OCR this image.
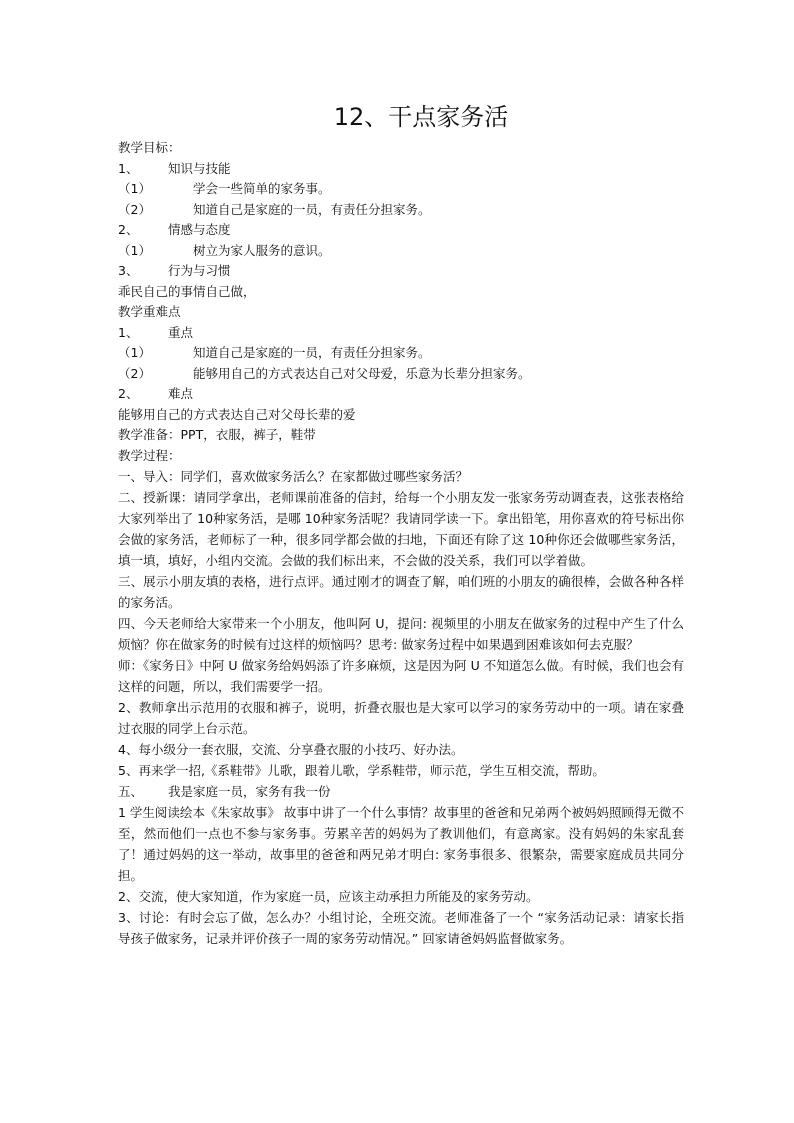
12、干点家务活
教学目标：
1、 知识与技能
（1）	学会一些简单的家务事。
（2）	知道自己是家庭的一员，有责任分担家务。
2、 情感与态度
（1）	树立为家人服务的意识。
3、 行为与习惯
乖民自己的事情自己做，
教学重难点
1、 重点
（1）	知道自己是家庭的一员，有责任分担家务。
（2）	能够用自己的方式表达自己对父母爱，乐意为长辈分担家务。
2、 难点
能够用自己的方式表达自己对父母长辈的爱
教学准备：PPT，衣服，裤子，鞋带
教学过程：
一、导入：同学们，喜欢做家务活么？在家都做过哪些家务活？
二、授新课：请同学拿出，老师课前准备的信封，给每一个小朋友发一张家务劳动调查表，这张表格给大家列举出了 10种家务活，是哪 10种家务活呢？我请同学读一下。拿出铅笔，用你喜欢的符号标出你会做的家务活，老师标了一种，很多同学都会做的扫地，下面还有除了这 10种你还会做哪些家务活，填一填，填好，小组内交流。会做的我们标出来，不会做的没关系，我们可以学着做。
三、展示小朋友填的表格，进行点评。通过刚才的调查了解，咱们班的小朋友的确很棒，会做各种各样的家务活。
四、今天老师给大家带来一个小朋友，他叫阿 U，提问: 视频里的小朋友在做家务的过程中产生了什么烦恼？你在做家务的时候有过这样的烦恼吗？思考: 做家务过程中如果遇到困难该如何去克服？
师：《家务日》中阿 U 做家务给妈妈添了许多麻烦，这是因为阿 U 不知道怎么做。有时候，我们也会有这样的问题，所以，我们需要学一招。
2、教师拿出示范用的衣服和裤子，说明，折叠衣服也是大家可以学习的家务劳动中的一项。请在家叠过衣服的同学上台示范。
4、每小级分一套衣服，交流、分享叠衣服的小技巧、好办法。
5、再来学一招,《系鞋带》儿歌，跟着儿歌，学系鞋带，师示范，学生互相交流，帮助。
五、 我是家庭一员，家务有我一份
1 学生阅读绘本《朱家故事》 故事中讲了一个什么事情？故事里的爸爸和兄弟两个被妈妈照顾得无微不至，然而他们一点也不参与家务事。劳累辛苦的妈妈为了教训他们，有意离家。没有妈妈的朱家乱套了！通过妈妈的这一举动，故事里的爸爸和两兄弟才明白: 家务事很多、很繁杂，需要家庭成员共同分担。
2、交流，使大家知道，作为家庭一员，应该主动承担力所能及的家务劳动。
3、讨论：有时会忘了做，怎么办？小组讨论，全班交流。老师准备了一个 “家务活动记录：请家长指导孩子做家务，记录并评价孩子一周的家务劳动情况。” 回家请爸妈妈监督做家务。
